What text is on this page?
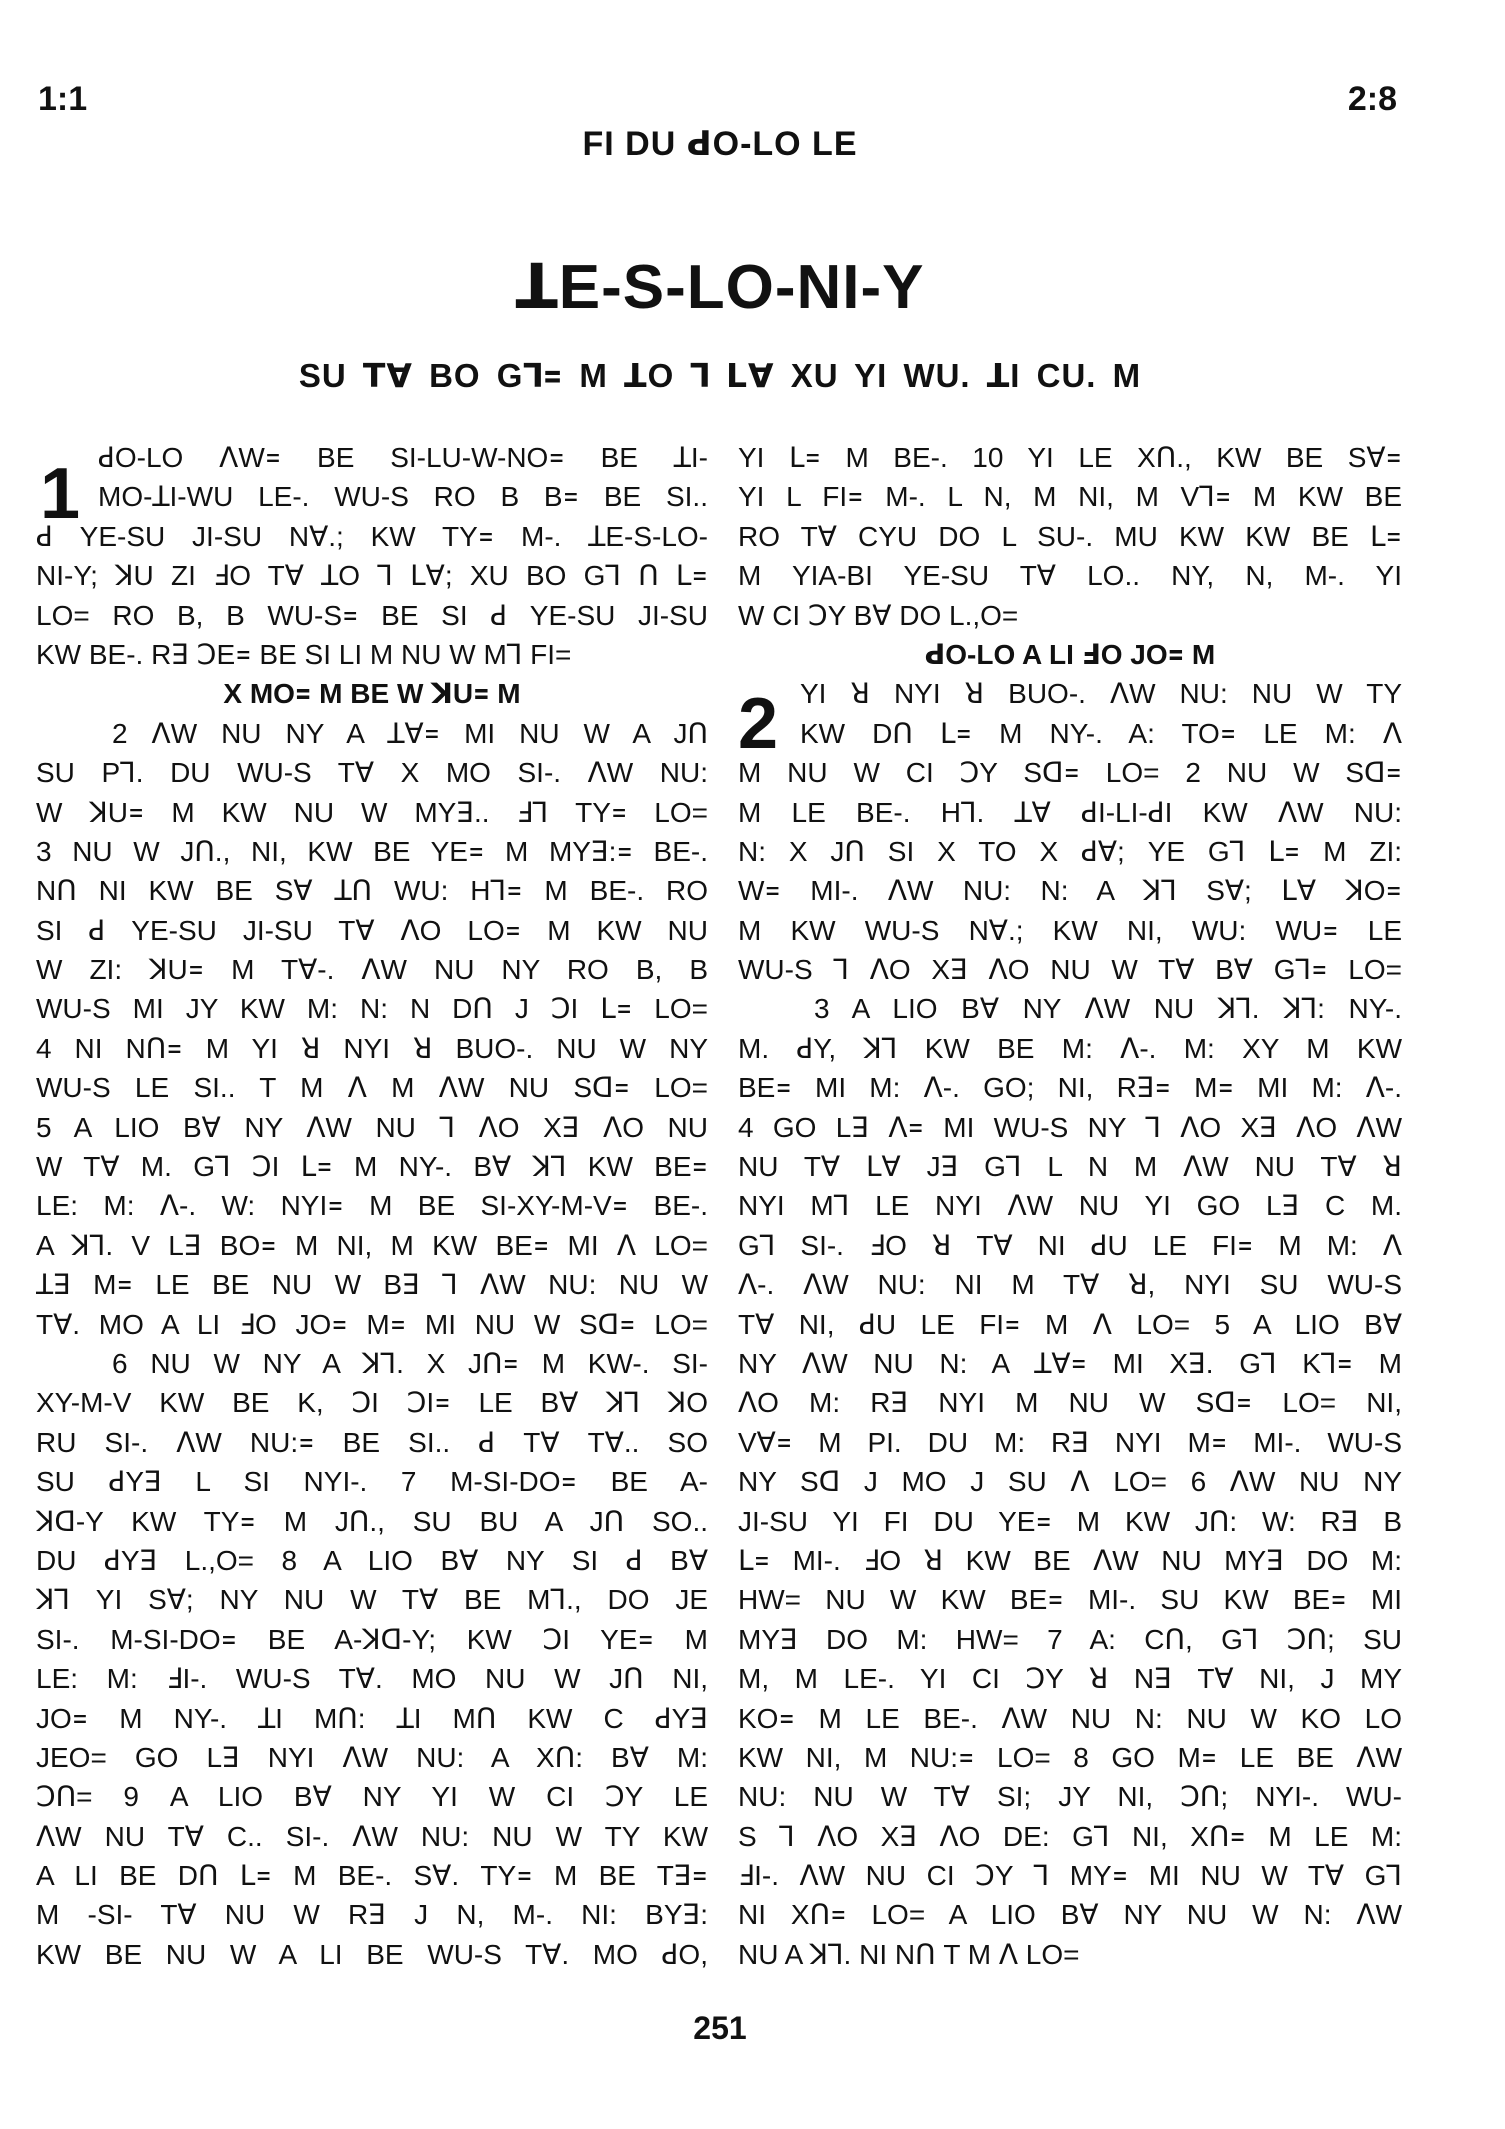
1:1	2:8
FI DU ꓒO-LO LE
ꓕE-S-LO-NI-Y
SU ꓔꓯ BO Gꓶ꓿ M ꓕO ꓶ ꓡꓯ XU YI WU. ꓕI CU. M
1
2
ꓒO-LO ꓥW꓿ BE SI-LU-W-NO꓿ BE ꓕI-
MO-ꓕI-WU LE-. WU-S RO B B꓿ BE SI..
ꓒ YE-SU JI-SU Nꓯ.; KW TY꓿ M-. ꓕE-S-LO-
NI-Y; ꓘU ZI ꓞO Tꓯ ꓕO ꓶ ꓡꓯ; XU BO Gꓶ ꓵ ꓡ꓿
LO= RO B, B WU-S꓿ BE SI ꓒ YE-SU JI-SU
KW BE-. Rꓱ ꓛE꓿ BE SI LI M NU W Mꓶ FI=
X MO꓿ M BE W ꓘU꓿ M
2 ꓥW NU NY A ꓕꓯ꓿ MI NU W A Jꓵ
SU Pꓶ. DU WU-S Tꓯ X MO SI-. ꓥW NU:
W ꓘU꓿ M KW NU W MYꓱ.. ꓞꓶ TY꓿ LO=
3 NU W Jꓵ., NI, KW BE YE꓿ M MYꓱ:꓿ BE-.
Nꓵ NI KW BE Sꓯ ꓕꓵ WU: Hꓶ꓿ M BE-. RO
SI ꓒ YE-SU JI-SU Tꓯ ꓥO LO꓿ M KW NU
W ZI: ꓘU꓿ M Tꓯ-. ꓥW NU NY RO B, B
WU-S MI JY KW M: N: N Dꓵ J ꓛI ꓡ꓿ LO=
4 NI Nꓵ꓿ M YI ꓤ NYI ꓤ BUO-. NU W NY
WU-S LE SI.. T M ꓥ M ꓥW NU Sꓷ꓿ LO=
5 A LIO Bꓯ NY ꓥW NU ꓶ ꓥO Xꓱ ꓥO NU
W Tꓯ M. Gꓶ ꓛI ꓡ꓿ M NY-. Bꓯ ꓘꓶ KW BE꓿
LE: M: ꓥ-. W: NYI꓿ M BE SI-XY-M-V꓿ BE-.
A ꓘꓶ. V Lꓱ BO꓿ M NI, M KW BE꓿ MI ꓥ LO=
ꓕꓱ M꓿ LE BE NU W Bꓱ ꓶ ꓥW NU: NU W
Tꓯ. MO A LI ꓞO JO꓿ M꓿ MI NU W Sꓷ꓿ LO=
6 NU W NY A ꓘꓶ. X Jꓵ꓿ M KW-. SI-
XY-M-V KW BE K, ꓛI ꓛI꓿ LE Bꓯ ꓘꓶ ꓘO
RU SI-. ꓥW NU:꓿ BE SI.. ꓒ Tꓯ Tꓯ.. SO
SU ꓒYꓱ L SI NYI-. 7 M-SI-DO꓿ BE A-
ꓘꓷ-Y KW TY꓿ M Jꓵ., SU BU A Jꓵ SO..
DU ꓒYꓱ L.,O= 8 A LIO Bꓯ NY SI ꓒ Bꓯ
ꓘꓶ YI Sꓯ; NY NU W Tꓯ BE Mꓶ., DO JE
SI-. M-SI-DO꓿ BE A-ꓘꓷ-Y; KW ꓛI YE꓿ M
LE: M: ꓞI-. WU-S Tꓯ. MO NU W Jꓵ NI,
JO꓿ M NY-. ꓕI Mꓵ: ꓕI Mꓵ KW C ꓒYꓱ
JEO= GO Lꓱ NYI ꓥW NU: A Xꓵ: Bꓯ M:
ꓛꓵ= 9 A LIO Bꓯ NY YI W CI ꓛY LE
ꓥW NU Tꓯ C.. SI-. ꓥW NU: NU W TY KW
A LI BE Dꓵ ꓡ꓿ M BE-. Sꓯ. TY꓿ M BE Tꓱ꓿
M -SI- Tꓯ NU W Rꓱ J N, M-. NI: BYꓱ:
KW BE NU W A LI BE WU-S Tꓯ. MO ꓒO,
YI ꓡ꓿ M BE-. 10 YI LE Xꓵ., KW BE Sꓯ꓿
YI L FI꓿ M-. L N, M NI, M Vꓶ꓿ M KW BE
RO Tꓯ CYU DO L SU-. MU KW KW BE ꓡ꓿
M YIA-BI YE-SU Tꓯ LO.. NY, N, M-. YI
W CI ꓛY Bꓯ DO L.,O=
ꓒO-LO A LI ꓞO JO꓿ M
YI ꓤ NYI ꓤ BUO-. ꓥW NU: NU W TY
KW Dꓵ ꓡ꓿ M NY-. A: TO꓿ LE M: ꓥ
M NU W CI ꓛY Sꓷ꓿ LO= 2 NU W Sꓷ꓿
M LE BE-. Hꓶ. ꓕꓯ ꓒI-LI-ꓒI KW ꓥW NU:
N: X Jꓵ SI X TO X ꓒꓯ; YE Gꓶ ꓡ꓿ M ZI:
W꓿ MI-. ꓥW NU: N: A ꓘꓶ Sꓯ; ꓡꓯ ꓘO꓿
M KW WU-S Nꓯ.; KW NI, WU: WU꓿ LE
WU-S ꓶ ꓥO Xꓱ ꓥO NU W Tꓯ Bꓯ Gꓶ꓿ LO=
3 A LIO Bꓯ NY ꓥW NU ꓘꓶ. ꓘꓶ: NY-.
M. ꓒY, ꓘꓶ KW BE M: ꓥ-. M: XY M KW
BE꓿ MI M: ꓥ-. GO; NI, Rꓱ꓿ M꓿ MI M: ꓥ-.
4 GO Lꓱ ꓥ꓿ MI WU-S NY ꓶ ꓥO Xꓱ ꓥO ꓥW
NU Tꓯ ꓡꓯ Jꓱ Gꓶ L N M ꓥW NU Tꓯ ꓤ
NYI Mꓶ LE NYI ꓥW NU YI GO Lꓱ C M.
Gꓶ SI-. ꓞO ꓤ Tꓯ NI ꓒU LE FI꓿ M M: ꓥ
ꓥ-. ꓥW NU: NI M Tꓯ ꓤ, NYI SU WU-S
Tꓯ NI, ꓒU LE FI꓿ M ꓥ LO= 5 A LIO Bꓯ
NY ꓥW NU N: A ꓕꓯ꓿ MI Xꓱ. Gꓶ Kꓶ꓿ M
ꓥO M: Rꓱ NYI M NU W Sꓷ꓿ LO= NI,
Vꓯ꓿ M PI. DU M: Rꓱ NYI M꓿ MI-. WU-S
NY Sꓷ J MO J SU ꓥ LO= 6 ꓥW NU NY
JI-SU YI FI DU YE꓿ M KW Jꓵ: W: Rꓱ B
ꓡ꓿ MI-. ꓞO ꓤ KW BE ꓥW NU MYꓱ DO M:
HW= NU W KW BE꓿ MI-. SU KW BE꓿ MI
MYꓱ DO M: HW= 7 A: Cꓵ, Gꓶ ꓛꓵ; SU
M, M LE-. YI CI ꓛY ꓤ Nꓱ Tꓯ NI, J MY
KO꓿ M LE BE-. ꓥW NU N: NU W KO LO
KW NI, M NU:꓿ LO= 8 GO M꓿ LE BE ꓥW
NU: NU W Tꓯ SI; JY NI, ꓛꓵ; NYI-. WU-
S ꓶ ꓥO Xꓱ ꓥO DE: Gꓶ NI, Xꓵ꓿ M LE M:
ꓞI-. ꓥW NU CI ꓛY ꓶ MY꓿ MI NU W Tꓯ Gꓶ
NI Xꓵ꓿ LO= A LIO Bꓯ NY NU W N: ꓥW
NU A ꓘꓶ. NI Nꓵ T M ꓥ LO=
251
